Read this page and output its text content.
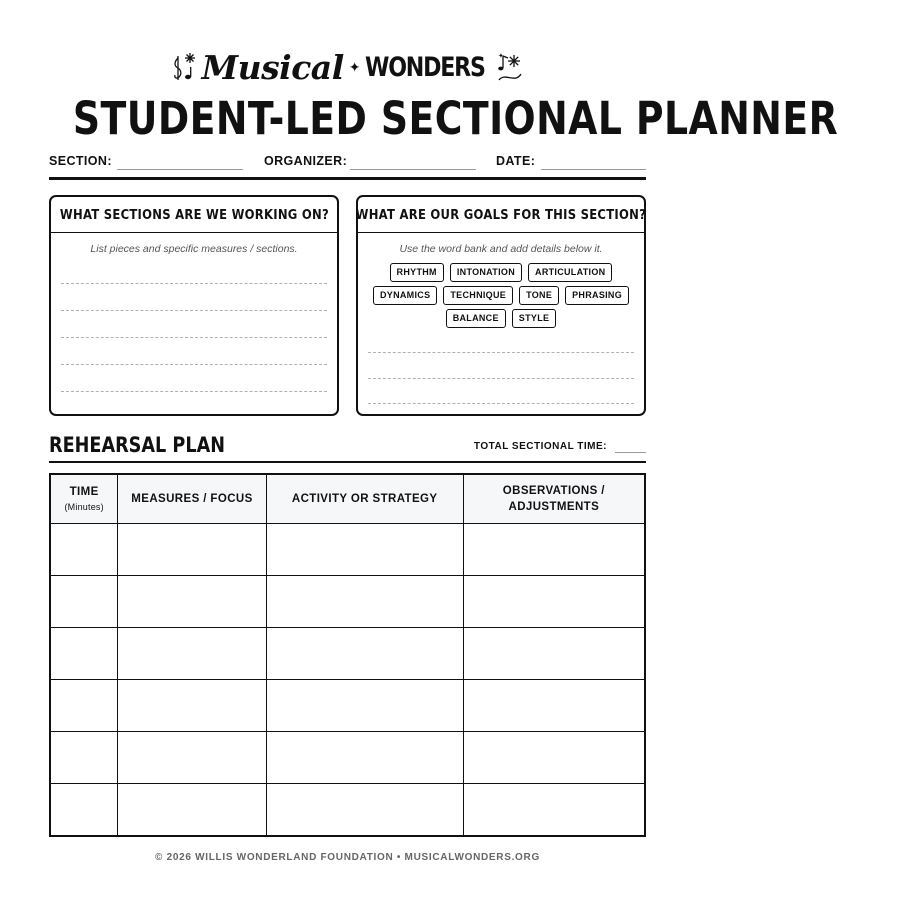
Musical ✦ WONDERS ✦
STUDENT-LED SECTIONAL PLANNER
SECTION:	ORGANIZER:	DATE:
WHAT SECTIONS ARE WE WORKING ON?
List pieces and specific measures / sections.
WHAT ARE OUR GOALS FOR THIS SECTION?
Use the word bank and add details below it.
RHYTHM	INTONATION	ARTICULATION
DYNAMICS	TECHNIQUE	TONE	PHRASING
BALANCE	STYLE
REHEARSAL PLAN	TOTAL SECTIONAL TIME:
TIME
(Minutes)	MEASURES / FOCUS	ACTIVITY OR STRATEGY	OBSERVATIONS / ADJUSTMENTS

© 2026 WILLIS WONDERLAND FOUNDATION • MUSICALWONDERS.ORG
